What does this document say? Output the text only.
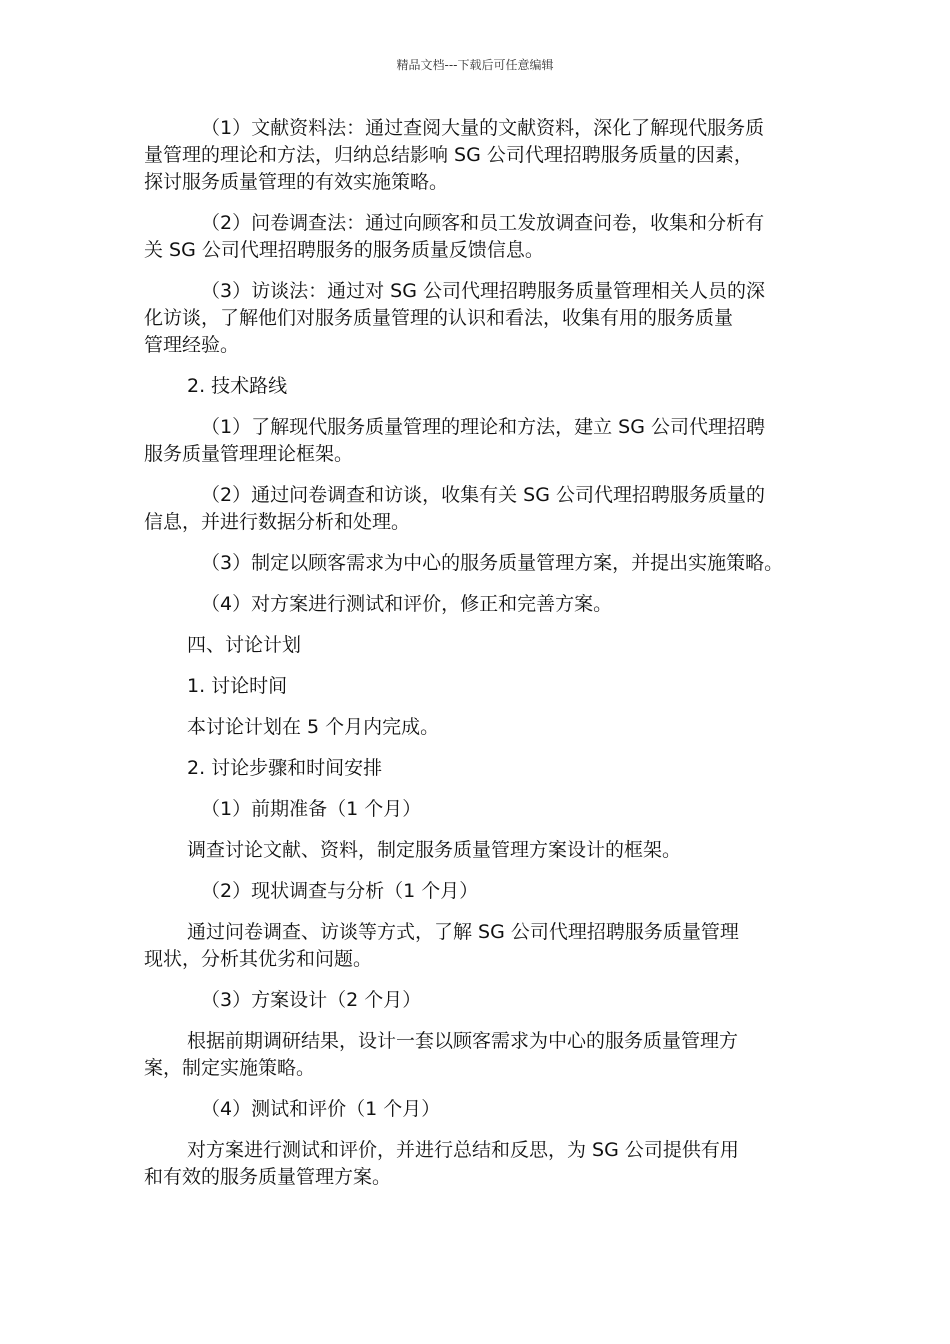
精品文档---下载后可任意编辑
（1）文献资料法：通过查阅大量的文献资料，深化了解现代服务质
量管理的理论和方法，归纳总结影响 SG 公司代理招聘服务质量的因素，
探讨服务质量管理的有效实施策略。
（2）问卷调查法：通过向顾客和员工发放调查问卷，收集和分析有
关 SG 公司代理招聘服务的服务质量反馈信息。
（3）访谈法：通过对 SG 公司代理招聘服务质量管理相关人员的深
化访谈，了解他们对服务质量管理的认识和看法，收集有用的服务质量
管理经验。
2. 技术路线
（1）了解现代服务质量管理的理论和方法，建立 SG 公司代理招聘
服务质量管理理论框架。
（2）通过问卷调查和访谈，收集有关 SG 公司代理招聘服务质量的
信息，并进行数据分析和处理。
（3）制定以顾客需求为中心的服务质量管理方案，并提出实施策略。
（4）对方案进行测试和评价，修正和完善方案。
四、讨论计划
1. 讨论时间
本讨论计划在 5 个月内完成。
2. 讨论步骤和时间安排
（1）前期准备（1 个月）
调查讨论文献、资料，制定服务质量管理方案设计的框架。
（2）现状调查与分析（1 个月）
通过问卷调查、访谈等方式，了解 SG 公司代理招聘服务质量管理
现状，分析其优劣和问题。
（3）方案设计（2 个月）
根据前期调研结果，设计一套以顾客需求为中心的服务质量管理方
案，制定实施策略。
（4）测试和评价（1 个月）
对方案进行测试和评价，并进行总结和反思，为 SG 公司提供有用
和有效的服务质量管理方案。
